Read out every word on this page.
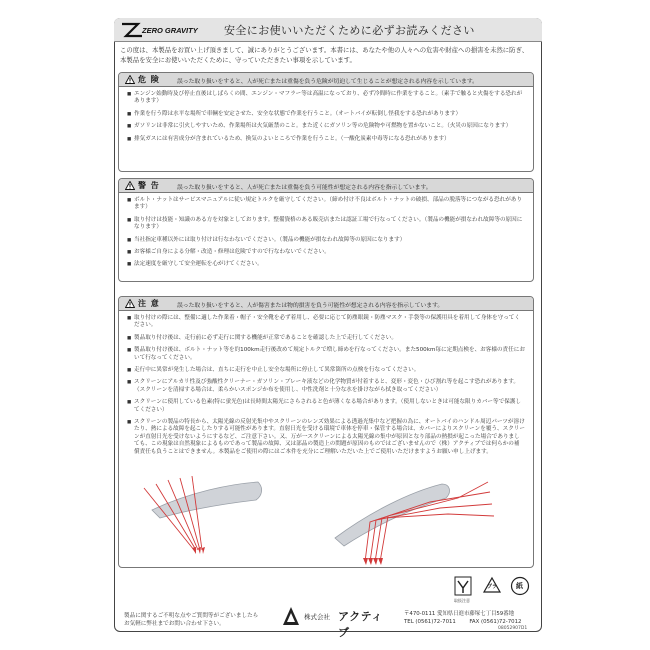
ZERO GRAVITY 安全にお使いいただくために必ずお読みください
この度は、本製品をお買い上げ頂きまして、誠にありがとうございます。本書には、あなたや他の人々への危害や財産への損害を未然に防ぎ、本製品を安全にお使いいただくために、守っていただきたい事項を示しています。
危 険	誤った取り扱いをすると、人が死亡または重傷を負う危険が切迫して生じることが想定される内容を示しています。
■ エンジン始動時及び停止直後はしばらくの間、エンジン・マフラー等は高温になっており、必ず冷間時に作業をすること。（素手で触ると火傷をする恐れがあります）
■ 作業を行う際は水平な場所で車輌を安定させた、安全な状態で作業を行うこと。（オートバイが転倒し怪我をする恐れがあります）
■ ガソリンは非常に引火しやすいため、作業場所は火気厳禁のこと。また近くにガソリン等の危険物や可燃物を置かないこと。（火災の原因になります）
■ 排気ガスには有害成分が含まれているため、換気のよいところで作業を行うこと。（一酸化炭素中毒等になる恐れがあります）
警 告	誤った取り扱いをすると、人が死亡または重傷を負う可能性が想定される内容を指示しています。
■ ボルト・ナットはサービスマニュアルに従い規定トルクを厳守してください。（締め付け不良はボルト・ナットの破損、部品の脱落等につながる恐れがあります）
■ 取り付けは技能・知識のある方を対象としております。整備資格のある販売店または認証工場で行なってください。（製品の機能が損なわれ故障等の原因になります）
■ 当社指定車種以外には取り付けは行なわないでください。（製品の機能が損なわれ故障等の原因になります）
■ お客様ご自身による分解・改造・修理は危険ですので行なわないでください。
■ 法定速度を厳守して安全運転を心がけてください。
注 意	誤った取り扱いをすると、人が傷害または物的損害を負う可能性が想定される内容を指示しています。
■ 取り付けの際には、整備に適した作業着・帽子・安全靴を必ず着用し、必要に応じて防塵眼鏡・防塵マスク・手袋等の保護用具を着用して身体を守ってください。
■ 製品取り付け後は、走行前に必ず走行に関する機能が正常であることを確認した上で走行してください。
■ 製品取り付け後は、ボルト・ナット等を約100km走行後改めて規定トルクで増し締めを行なってください。また500km毎に定期点検を、お客様の責任において行なってください。
■ 走行中に異常が発生した場合は、直ちに走行を中止し安全な場所に停止して異常箇所の点検を行なってください。
■ スクリーンにアルカリ性及び強酸性クリーナー・ガソリン・ブレーキ液などの化学物質が付着すると、変形・変色・ひび割れ等を起こす恐れがあります。（スクリーンを清掃する場合は、柔らかいスポンジか布を使用し、中性洗剤と十分な水を掛けながら拭き取ってください）
■ スクリーンに使用している色素(特に蛍光色)は長時間太陽光にさらされると色が薄くなる場合があります。（使用しないときは可能な限りカバー等で保護してください）
■ スクリーンの製品の特長から、太陽光線の反射光集中やスクリーンのレンズ効果による透過光集中など把握の為に、オートバイのハンドル周辺パーツが溶けたり、熱による故障を起こしたりする可能性があります。直射日光を受ける環境で車体を停車・保管する場合は、カバーによりスクリーンを覆う、スクリーンが直射日光を受けないようにするなど、ご注意下さい。又、万が一スクリーンによる太陽光線の集中が原因となり部品の熱損が起こった場合でありましても、この現象は自然現象によるものであって製品の故障、又は部品の製造上の問題が原因のものではございませんので（株）アクティブでは何らかの補償責任も負うことはできません。本製品をご使用の際にはご本件を充分にご理解いただいた上でご使用いただけますようお願い申し上げます。
取扱注意
プラ	紙
製品に関するご不明な点やご質問等がございましたら
お気軽に弊社までお問い合わせ下さい。
株式会社 アクティブ
〒470-0111 愛知県日進市藤塚七丁目59番地
TEL (0561)72-7011 FAX (0561)72-7012
08052907D1
